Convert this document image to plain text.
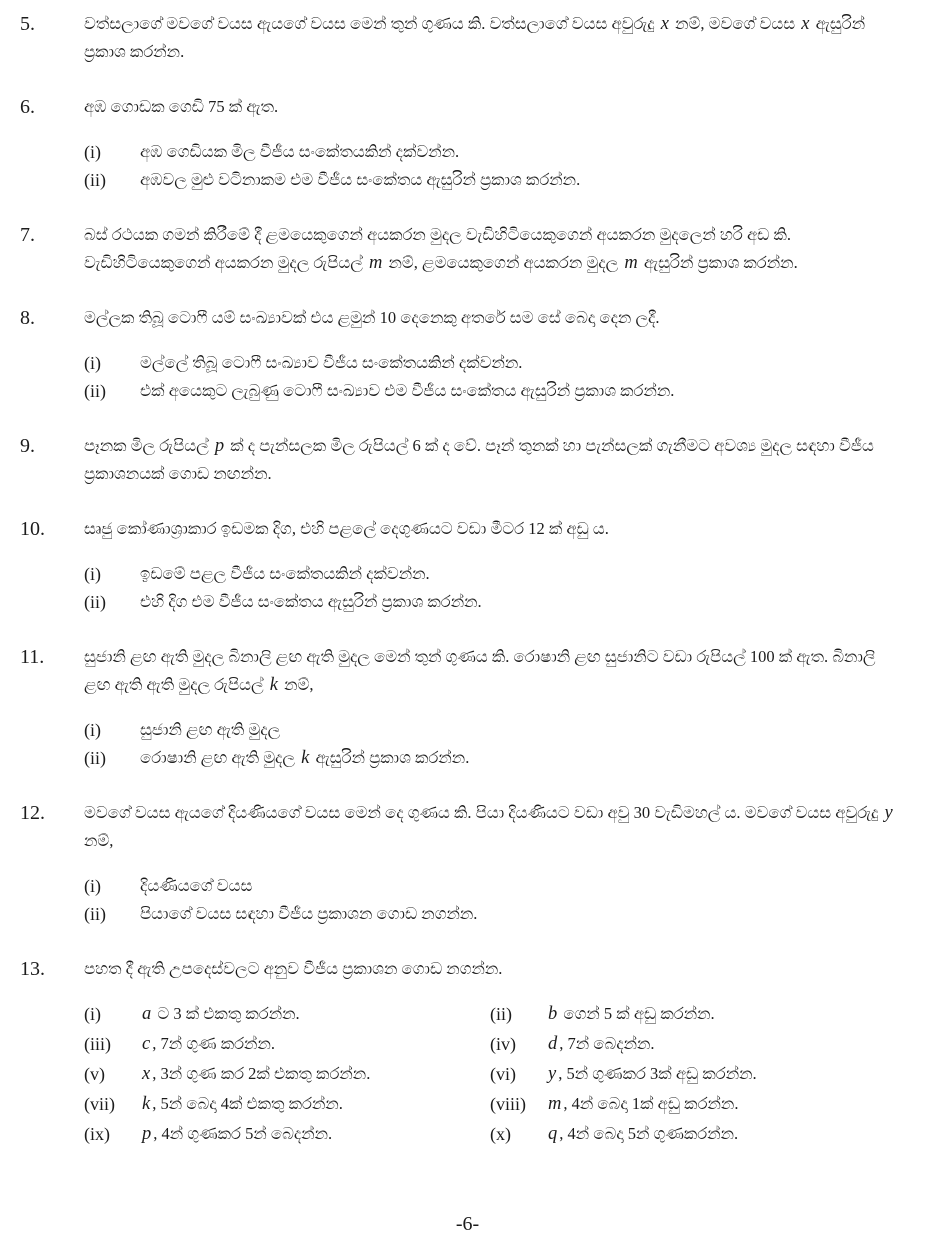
5.	වත්සලාගේ මවගේ වයස ඇයගේ වයස මෙන් තුන් ගුණය කි. වත්සලාගේ වයස අවුරුදු x නම්, මවගේ වයස x ඇසුරින් ප්‍රකාශ කරන්න.

6.	අඹ ගොඩක ගෙඩි 75 ක් ඇත.

(i)	අඹ ගෙඩියක මිල වීජීය සංකේතයකින් දක්වන්න.
(ii)	අඹවල මුළු වටිනාකම එම වීජීය සංකේතය ඇසුරින් ප්‍රකාශ කරන්න.
7.	බස් රථයක ගමන් කිරීමේ දී ළමයෙකුගෙන් අයකරන මුදල වැඩිහිටියෙකුගෙන් අයකරන මුදලෙන් හරි අඩ කි. වැඩිහිටියෙකුගෙන් අයකරන මුදල රුපියල් m නම්, ළමයෙකුගෙන් අයකරන මුදල m ඇසුරින් ප්‍රකාශ කරන්න.

8.	මල්ලක තිබූ ටොෆී යම් සංඛ්‍යාවක් එය ළමුන් 10 දෙනෙකු අතරේ සම සේ බෙදා දෙන ලදී.

(i)	මල්ලේ තිබූ ටොෆී සංඛ්‍යාව වීජීය සංකේතයකින් දක්වන්න.
(ii)	එක් අයෙකුට ලැබුණු ටොෆී සංඛ්‍යාව එම වීජීය සංකේතය ඇසුරින් ප්‍රකාශ කරන්න.
9.	පෑනක මිල රුපියල් p ක් ද පැන්සලක මිල රුපියල් 6 ක් ද වේ. පෑන් තුනක් හා පැන්සලක් ගැනීමට අවශ්‍ය මුදල සඳහා වීජීය ප්‍රකාශනයක් ගොඩ නඟන්න.

10.	සෘජු කෝණාශ්‍රාකාර ඉඩමක දිග, එහි පළලේ දෙගුණයට වඩා මීටර 12 ක් අඩු ය.

(i)	ඉඩමේ පළල වීජීය සංකේතයකින් දක්වන්න.
(ii)	එහි දිග එම වීජීය සංකේතය ඇසුරින් ප්‍රකාශ කරන්න.
11.	සුජානි ළඟ ඇති මුදල බිනාලි ළඟ ඇති මුදල මෙන් තුන් ගුණය කි. රොෂානි ළඟ සුජානිට වඩා රුපියල් 100 ක් ඇත. බිනාලි ළඟ ඇති ඇති මුදල රුපියල් k නම්,

(i)	සුජානි ළඟ ඇති මුදල
(ii)	රොෂානි ළඟ ඇති මුදල k ඇසුරින් ප්‍රකාශ කරන්න.
12.	මවගේ වයස ඇයගේ දියණියගේ වයස මෙන් දෙ ගුණය කි. පියා දියණියට වඩා අවු 30 වැඩිමහල් ය. මවගේ වයස අවුරුදු y නම්,

(i)	දියණියගේ වයස
(ii)	පියාගේ වයස සඳහා වීජීය ප්‍රකාශන ගොඩ නගන්න.
13.	පහත දී ඇති උපදෙස්වලට අනුව වීජීය ප්‍රකාශන ගොඩ නගන්න.

(i)	a ට 3 ක් එකතු කරන්න.	(ii)	b ගෙන් 5 ක් අඩු කරන්න.
(iii)	c , 7න් ගුණ කරන්න.	(iv)	d , 7න් බෙදන්න.
(v)	x , 3න් ගුණ කර 2ක් එකතු කරන්න.	(vi)	y , 5න් ගුණකර 3ක් අඩු කරන්න.
(vii)	k , 5න් බෙදා 4ක් එකතු කරන්න.	(viii)	m , 4න් බෙදා 1ක් අඩු කරන්න.
(ix)	p , 4න් ගුණකර 5න් බෙදන්න.	(x)	q , 4න් බෙදා 5න් ගුණකරන්න.
-6-
